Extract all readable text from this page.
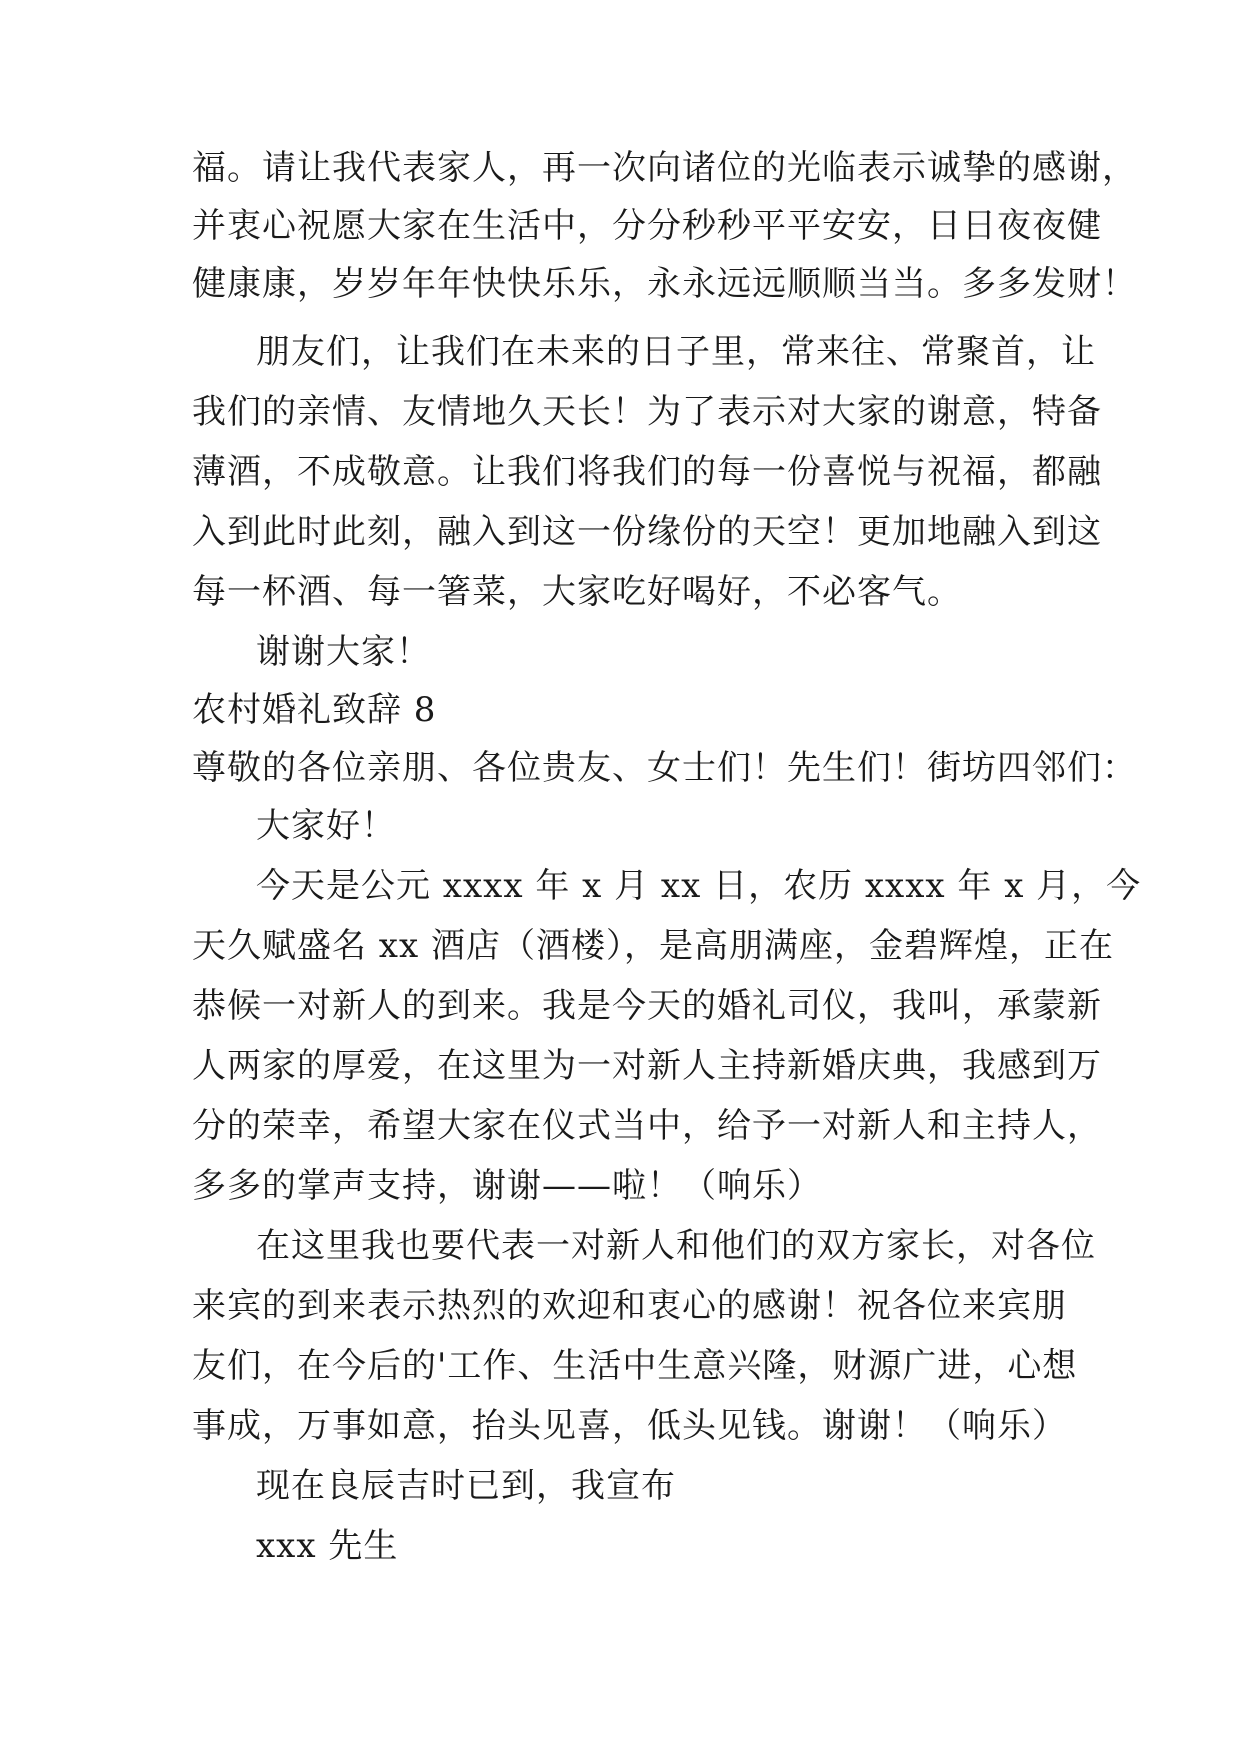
福。请让我代表家人，再一次向诸位的光临表示诚挚的感谢，
并衷心祝愿大家在生活中，分分秒秒平平安安，日日夜夜健
健康康，岁岁年年快快乐乐，永永远远顺顺当当。多多发财！
朋友们，让我们在未来的日子里，常来往、常聚首，让
我们的亲情、友情地久天长！为了表示对大家的谢意，特备
薄酒，不成敬意。让我们将我们的每一份喜悦与祝福，都融
入到此时此刻，融入到这一份缘份的天空！更加地融入到这
每一杯酒、每一箸菜，大家吃好喝好，不必客气。
谢谢大家！
农村婚礼致辞 8
尊敬的各位亲朋、各位贵友、女士们！先生们！街坊四邻们：
大家好！
今天是公元 xxxx 年 x 月 xx 日，农历 xxxx 年 x 月，今
天久赋盛名 xx 酒店（酒楼），是高朋满座，金碧辉煌，正在
恭候一对新人的到来。我是今天的婚礼司仪，我叫，承蒙新
人两家的厚爱，在这里为一对新人主持新婚庆典，我感到万
分的荣幸，希望大家在仪式当中，给予一对新人和主持人，
多多的掌声支持，谢谢——啦！（响乐）
在这里我也要代表一对新人和他们的双方家长，对各位
来宾的到来表示热烈的欢迎和衷心的感谢！祝各位来宾朋
友们，在今后的'工作、生活中生意兴隆，财源广进，心想
事成，万事如意，抬头见喜，低头见钱。谢谢！（响乐）
现在良辰吉时已到，我宣布
xxx 先生
